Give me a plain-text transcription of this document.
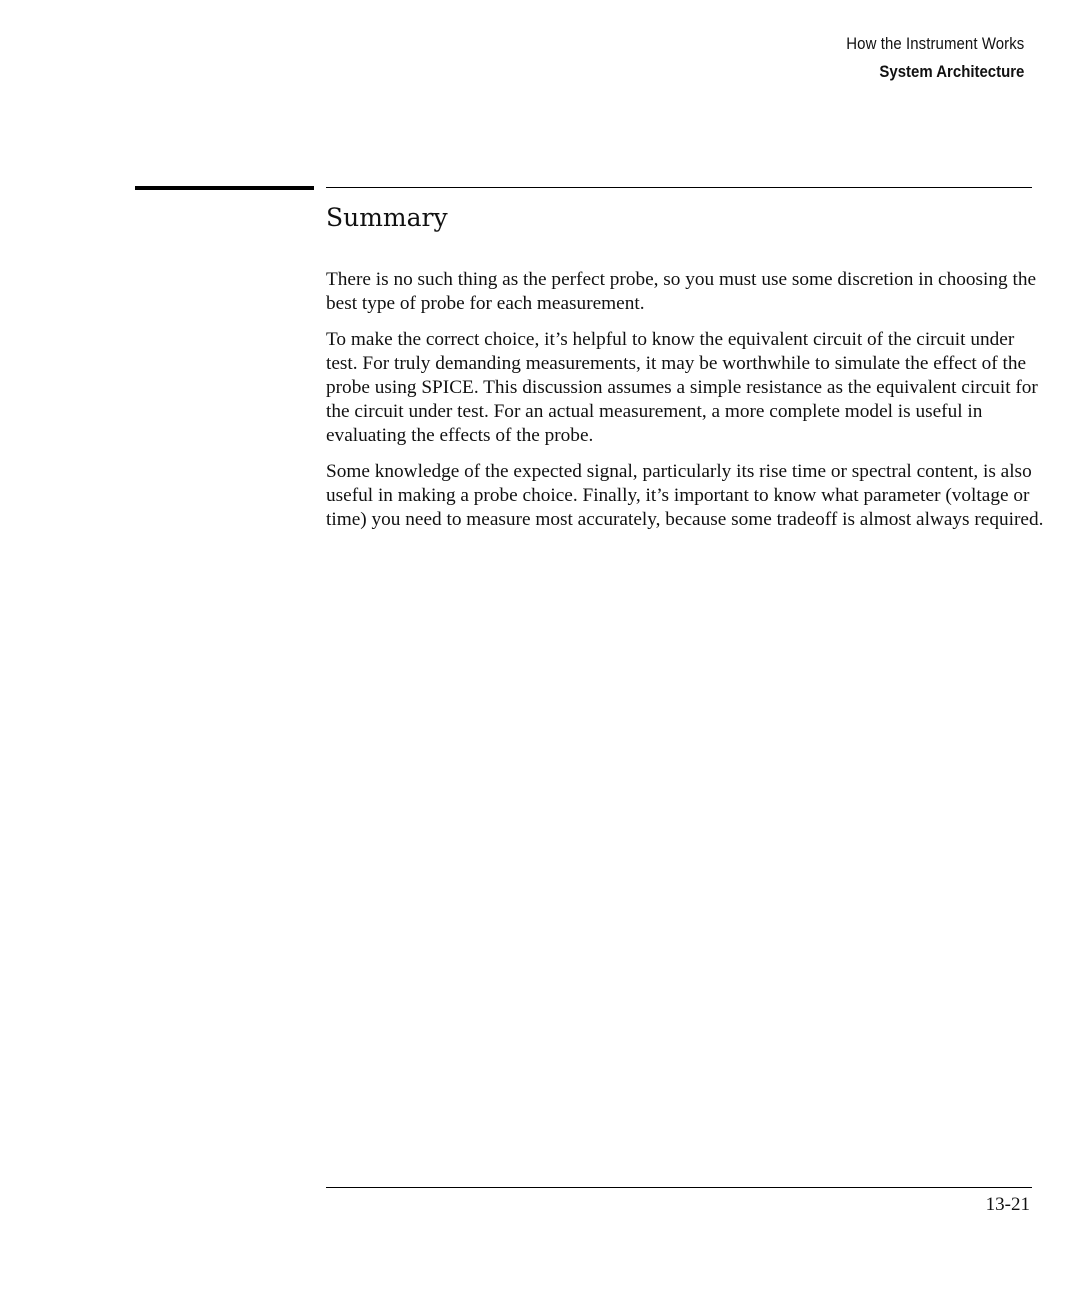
How the Instrument Works
System Architecture
Summary

There is no such thing as the perfect probe, so you must use some discretion in choosing the best type of probe for each measurement.

To make the correct choice, it’s helpful to know the equivalent circuit of the circuit under test. For truly demanding measurements, it may be worthwhile to simulate the effect of the probe using SPICE. This discussion assumes a simple resistance as the equivalent circuit for the circuit under test. For an actual measurement, a more complete model is useful in evaluating the effects of the probe.

Some knowledge of the expected signal, particularly its rise time or spectral content, is also useful in making a probe choice. Finally, it’s important to know what parameter (voltage or time) you need to measure most accurately, because some tradeoff is almost always required.

13-21
